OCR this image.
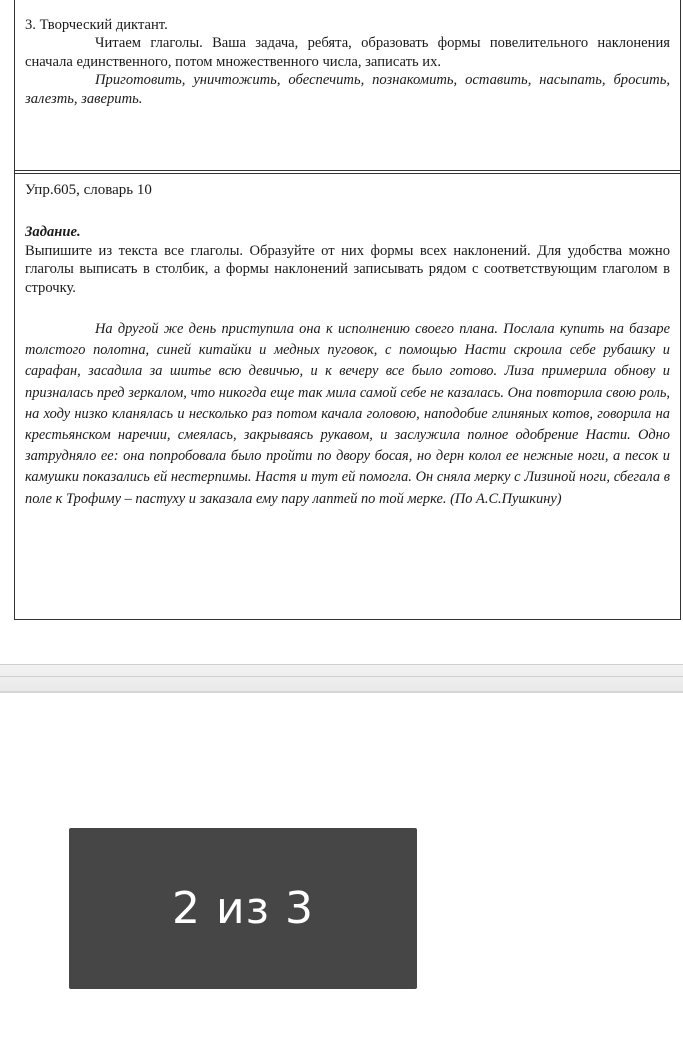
3. Творческий диктант.

Читаем глаголы. Ваша задача, ребята, образовать формы повелительного наклонения сначала единственного, потом множественного числа, записать их.

Приготовить, уничтожить, обеспечить, познакомить, оставить, насыпать, бросить, залезть, заверить.

Упр.605, словарь 10

Задание.

Выпишите из текста все глаголы. Образуйте от них формы всех наклонений. Для удобства можно глаголы выписать в столбик, а формы наклонений записывать рядом с соответствующим глаголом в строчку.

На другой же день приступила она к исполнению своего плана. Послала купить на базаре толстого полотна, синей китайки и медных пуговок, с помощью Насти скроила себе рубашку и сарафан, засадила за шитье всю девичью, и к вечеру все было готово. Лиза примерила обнову и призналась пред зеркалом, что никогда еще так мила самой себе не казалась. Она повторила свою роль, на ходу низко кланялась и несколько раз потом качала головою, наподобие глиняных котов, говорила на крестьянском наречии, смеялась, закрываясь рукавом, и заслужила полное одобрение Насти. Одно затрудняло ее: она попробовала было пройти по двору босая, но дерн колол ее нежные ноги, а песок и камушки показались ей нестерпимы. Настя и тут ей помогла. Он сняла мерку с Лизиной ноги, сбегала в поле к Трофиму – пастуху и заказала ему пару лаптей по той мерке. (По А.С.Пушкину)

2 из 3
